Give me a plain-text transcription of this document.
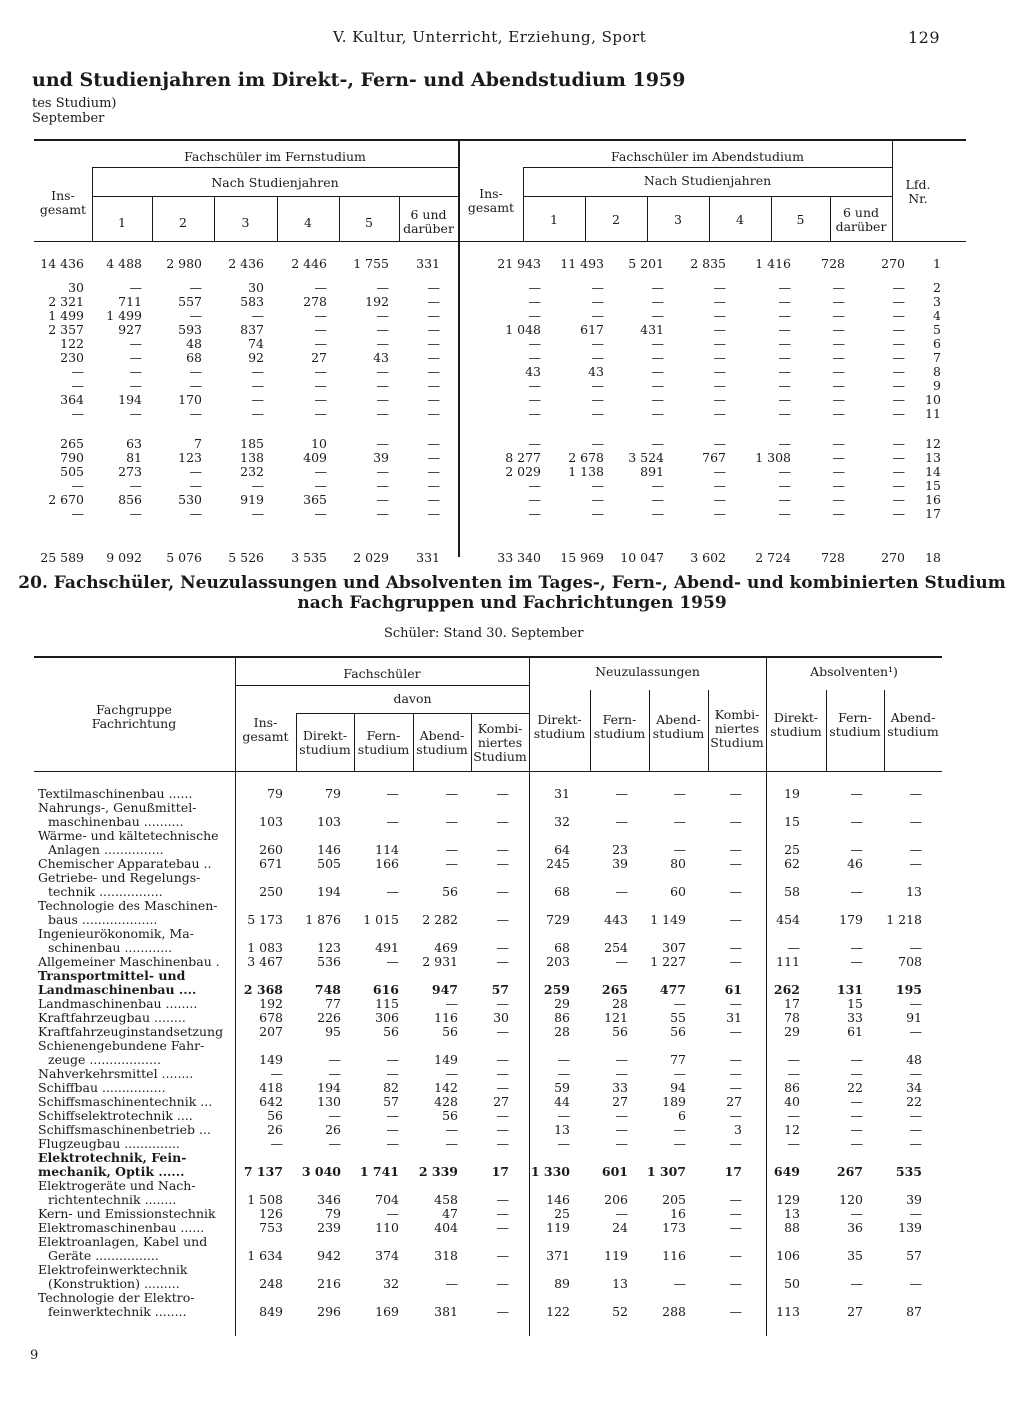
V. Kultur, Unterricht, Erziehung, Sport	129
und Studienjahren im Direkt-, Fern- und Abendstudium 1959
tes Studium)
September
Fachschüler im Fernstudium	Fachschüler im Abendstudium
Nach Studienjahren	Nach Studienjahren
Ins-
gesamt
Ins-
gesamt
Lfd.
Nr.
1	2	3	4	5
6 und
darüber
1	2	3	4	5	6 und
darüber
14 436	4 488	2 980	2 436	2 446	1 755	331	21 943	11 493	5 201	2 835	1 416	728	270	1
30	—	—	30	—	—	—	—	—	—	—	—	—	—	2
2 321	711	557	583	278	192	—	—	—	—	—	—	—	—	3
1 499	1 499	—	—	—	—	—	—	—	—	—	—	—	—	4
2 357	927	593	837	—	—	—	1 048	617	431	—	—	—	—	5
122	—	48	74	—	—	—	—	—	—	—	—	—	—	6
230	—	68	92	27	43	—	—	—	—	—	—	—	—	7
—	—	—	—	—	—	—	43	43	—	—	—	—	—	8
—	—	—	—	—	—	—	—	—	—	—	—	—	—	9
364	194	170	—	—	—	—	—	—	—	—	—	—	—	10
—	—	—	—	—	—	—	—	—	—	—	—	—	—	11
265	63	7	185	10	—	—	—	—	—	—	—	—	—	12
790	81	123	138	409	39	—	8 277	2 678	3 524	767	1 308	—	—	13
505	273	—	232	—	—	—	2 029	1 138	891	—	—	—	—	14
—	—	—	—	—	—	—	—	—	—	—	—	—	—	15
2 670	856	530	919	365	—	—	—	—	—	—	—	—	—	16
—	—	—	—	—	—	—	—	—	—	—	—	—	—	17
25 589	9 092	5 076	5 526	3 535	2 029	331	33 340	15 969	10 047	3 602	2 724	728	270	18
20. Fachschüler, Neuzulassungen und Absolventen im Tages-, Fern-, Abend- und kombinierten Studium
nach Fachgruppen und Fachrichtungen 1959
Schüler: Stand 30. September
Fachgruppe
Fachrichtung
Fachschüler	Neuzulassungen	Absolventen¹)
davon
Ins-
gesamt	Direkt-
studium
Fern-
studium
Abend-
studium
Kombi-
niertes
Studium
Direkt-
studium
Fern-
studium
Abend-
studium
Kombi-
niertes
Studium
Direkt-
studium
Fern-
studium
Abend-
studium
Textilmaschinenbau ......	79	79	—	—	—	31	—	—	—	19	—	—

Nahrungs-, Genußmittel-
maschinenbau ..........	103	103	—	—	—	32	—	—	—	15	—	—

Wärme- und kältetechnische
Anlagen ...............	260	146	114	—	—	64	23	—	—	25	—	—

Chemischer Apparatebau ..	671	505	166	—	—	245	39	80	—	62	46	—

Getriebe- und Regelungs-
technik ................	250	194	—	56	—	68	—	60	—	58	—	13

Technologie des Maschinen-
baus ...................	5 173	1 876	1 015	2 282	—	729	443	1 149	—	454	179	1 218

Ingenieurökonomik, Ma-
schinenbau ............	1 083	123	491	469	—	68	254	307	—	—	—	—

Allgemeiner Maschinenbau .	3 467	536	—	2 931	—	203	—	1 227	—	111	—	708

Transportmittel- und
Landmaschinenbau ....	2 368	748	616	947	57	259	265	477	61	262	131	195

Landmaschinenbau ........	192	77	115	—	—	29	28	—	—	17	15	—

Kraftfahrzeugbau ........	678	226	306	116	30	86	121	55	31	78	33	91

Kraftfahrzeuginstandsetzung	207	95	56	56	—	28	56	56	—	29	61	—

Schienengebundene Fahr-
zeuge ..................	149	—	—	149	—	—	—	77	—	—	—	48

Nahverkehrsmittel ........	—	—	—	—	—	—	—	—	—	—	—	—

Schiffbau ................	418	194	82	142	—	59	33	94	—	86	22	34

Schiffsmaschinentechnik ...	642	130	57	428	27	44	27	189	27	40	—	22

Schiffselektrotechnik ....	56	—	—	56	—	—	—	6	—	—	—	—

Schiffsmaschinenbetrieb ...	26	26	—	—	—	13	—	—	3	12	—	—

Flugzeugbau ..............	—	—	—	—	—	—	—	—	—	—	—	—

Elektrotechnik, Fein-
mechanik, Optik ......	7 137	3 040	1 741	2 339	17	1 330	601	1 307	17	649	267	535

Elektrogeräte und Nach-
richtentechnik ........	1 508	346	704	458	—	146	206	205	—	129	120	39

Kern- und Emissionstechnik	126	79	—	47	—	25	—	16	—	13	—	—

Elektromaschinenbau ......	753	239	110	404	—	119	24	173	—	88	36	139

Elektroanlagen, Kabel und
Geräte ................	1 634	942	374	318	—	371	119	116	—	106	35	57

Elektrofeinwerktechnik
(Konstruktion) .........	248	216	32	—	—	89	13	—	—	50	—	—

Technologie der Elektro-
feinwerktechnik ........	849	296	169	381	—	122	52	288	—	113	27	87
9
